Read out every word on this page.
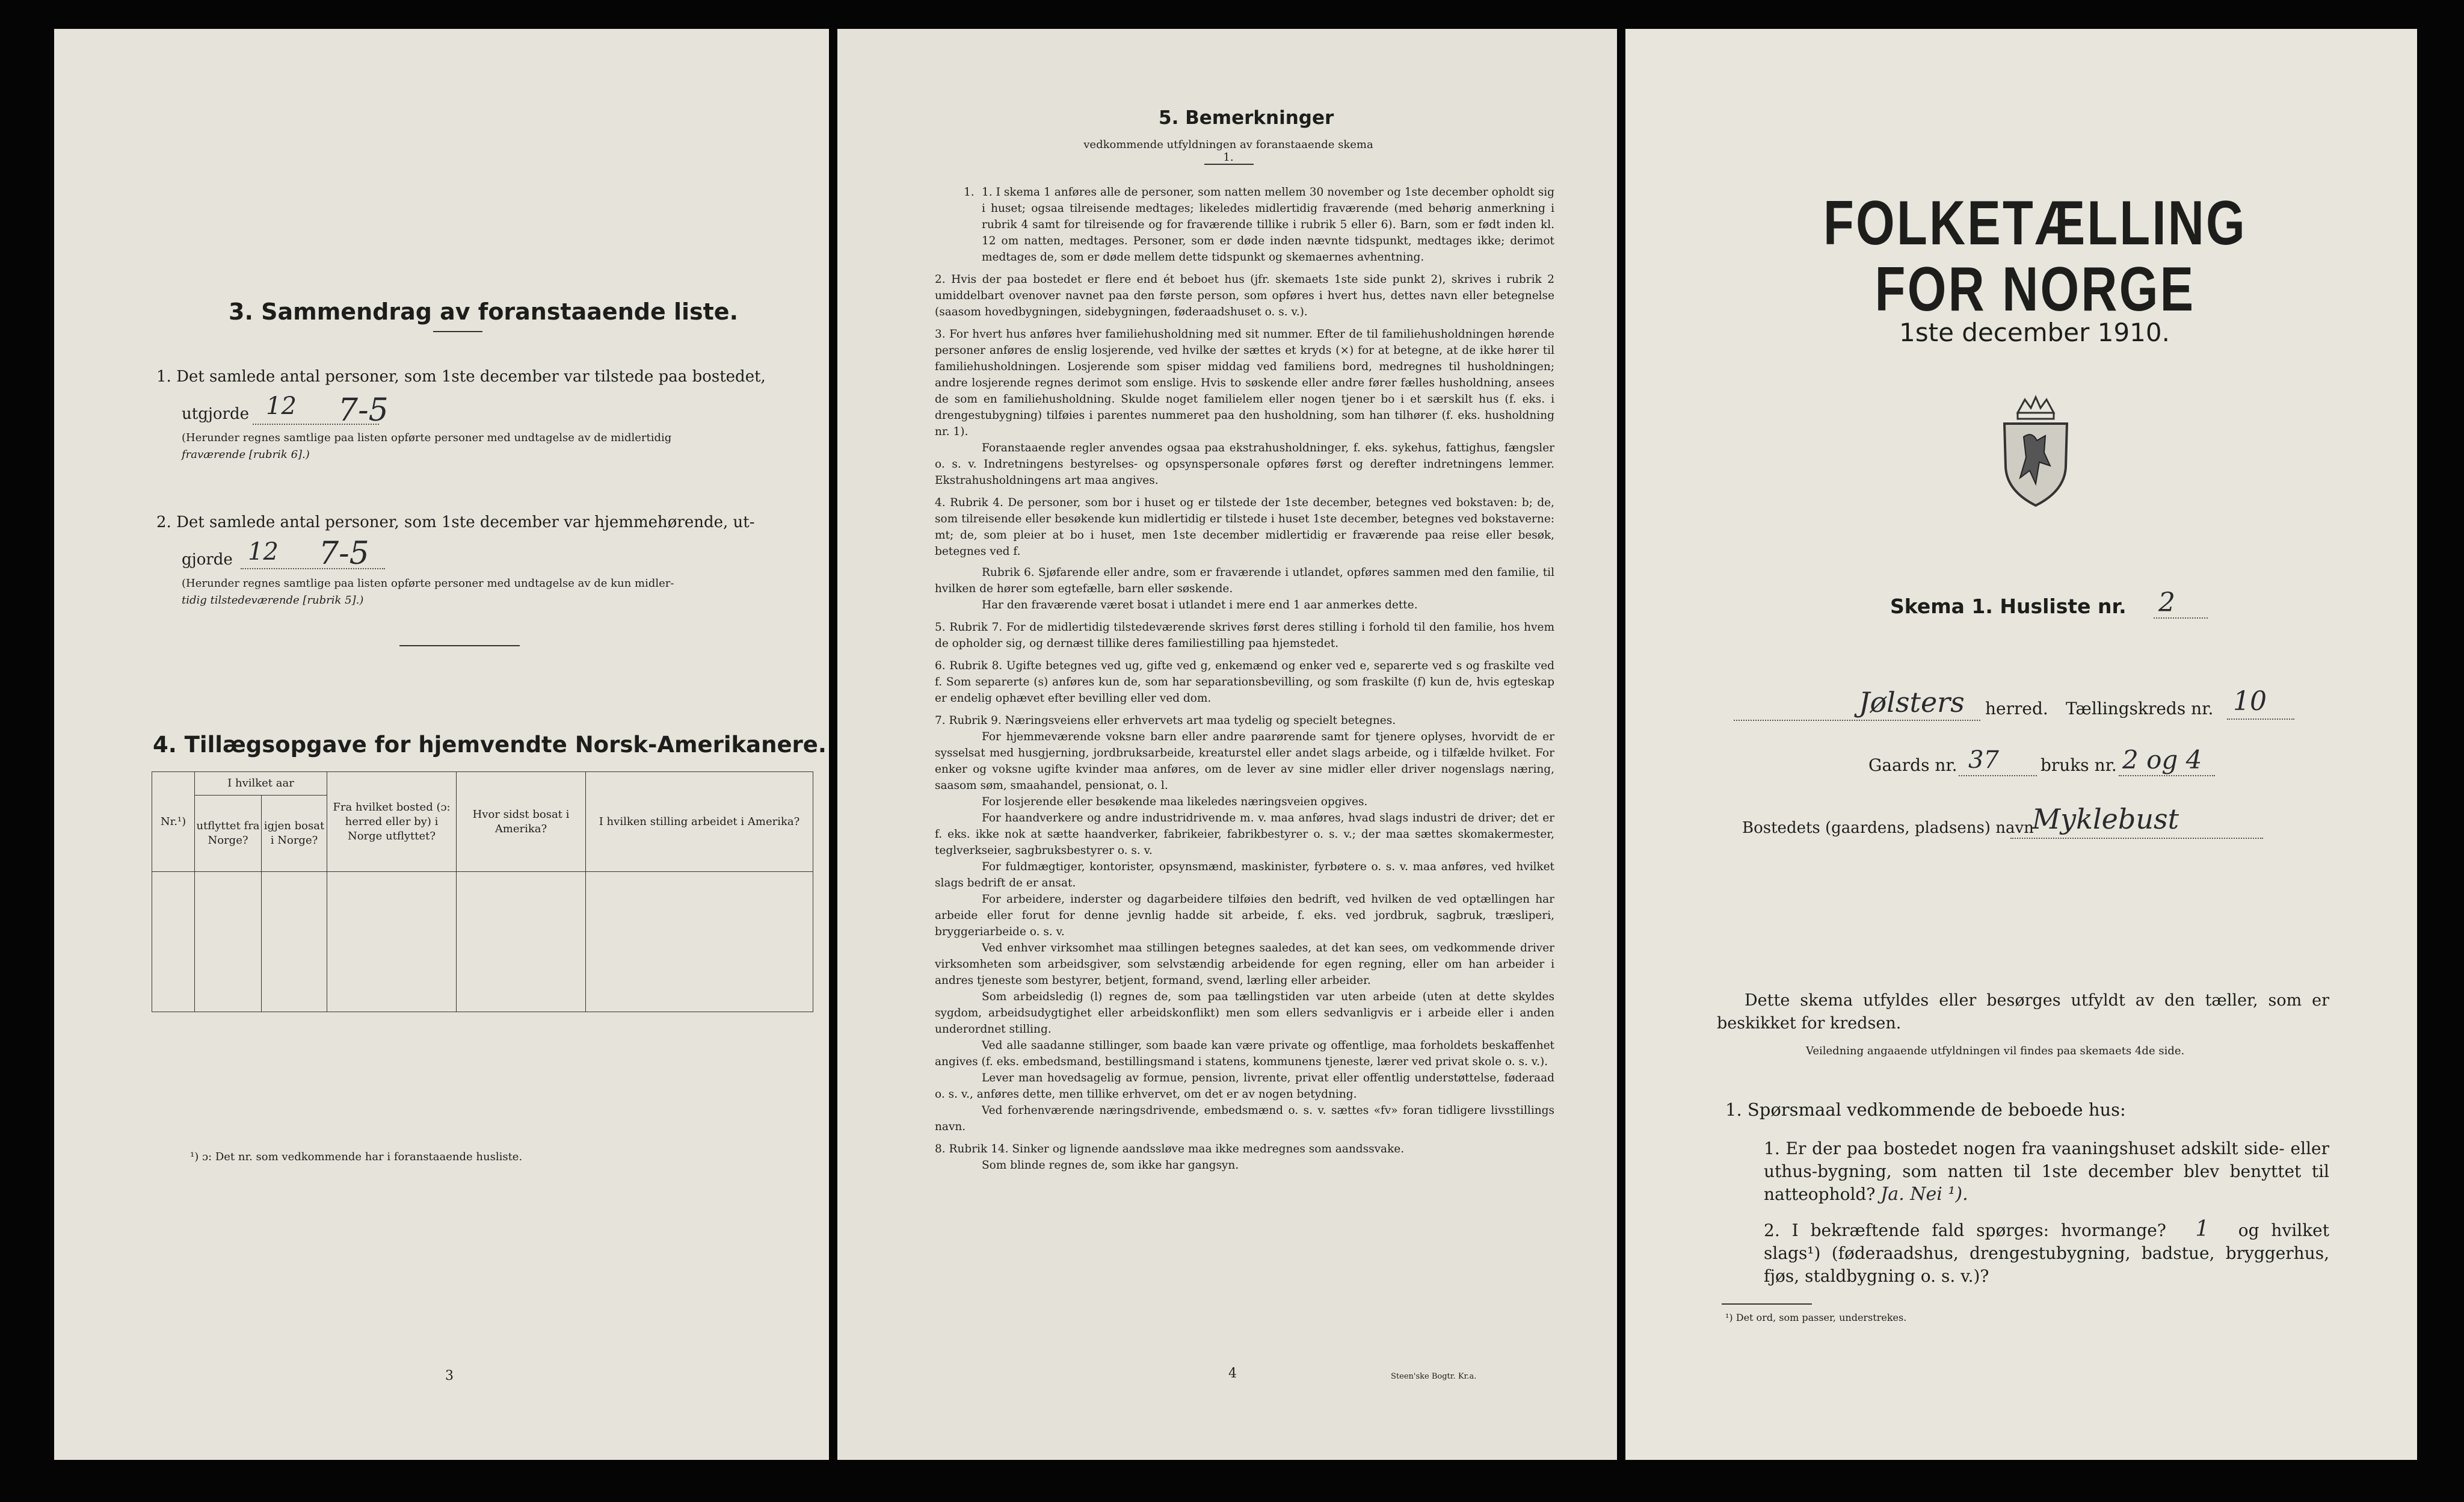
3. Sammendrag av foranstaaende liste.
1. Det samlede antal personer, som 1ste december var tilstede paa bostedet,
utgjorde 12 7-5
(Herunder regnes samtlige paa listen opførte personer med undtagelse av de midlertidig
fraværende [rubrik 6].)
2. Det samlede antal personer, som 1ste december var hjemmehørende, ut-
gjorde 12 7-5
(Herunder regnes samtlige paa listen opførte personer med undtagelse av de kun midler-
tidig tilstedeværende [rubrik 5].)
4. Tillægsopgave for hjemvendte Norsk-Amerikanere.
Nr.¹)	I hvilket aar		Fra hvilket bosted (ɔ: herred eller by) i Norge utflyttet?	Hvor sidst bosat i Amerika?	I hvilken stilling arbeidet i Amerika?
	utflyttet fra Norge?	igjen bosat i Norge?			

¹) ɔ: Det nr. som vedkommende har i foranstaaende husliste.
3
5. Bemerkninger
vedkommende utfyldningen av foranstaaende skema 1.

1. 1. I skema 1 anføres alle de personer, som natten mellem 30 november og 1ste december opholdt sig i huset; ogsaa tilreisende medtages; likeledes midlertidig fraværende (med behørig anmerkning i rubrik 4 samt for tilreisende og for fraværende tillike i rubrik 5 eller 6). Barn, som er født inden kl. 12 om natten, medtages. Personer, som er døde inden nævnte tidspunkt, medtages ikke; derimot medtages de, som er døde mellem dette tidspunkt og skemaernes avhentning.

2. Hvis der paa bostedet er flere end ét beboet hus (jfr. skemaets 1ste side punkt 2), skrives i rubrik 2 umiddelbart ovenover navnet paa den første person, som opføres i hvert hus, dettes navn eller betegnelse (saasom hovedbygningen, sidebygningen, føderaadshuset o. s. v.).

3. For hvert hus anføres hver familiehusholdning med sit nummer. Efter de til familiehusholdningen hørende personer anføres de enslig losjerende, ved hvilke der sættes et kryds (×) for at betegne, at de ikke hører til familiehusholdningen. Losjerende som spiser middag ved familiens bord, medregnes til husholdningen; andre losjerende regnes derimot som enslige. Hvis to søskende eller andre fører fælles husholdning, ansees de som en familiehusholdning. Skulde noget familielem eller nogen tjener bo i et særskilt hus (f. eks. i drengestubygning) tilføies i parentes nummeret paa den husholdning, som han tilhører (f. eks. husholdning nr. 1).

Foranstaaende regler anvendes ogsaa paa ekstrahusholdninger, f. eks. sykehus, fattighus, fængsler o. s. v. Indretningens bestyrelses- og opsynspersonale opføres først og derefter indretningens lemmer. Ekstrahusholdningens art maa angives.

4. Rubrik 4. De personer, som bor i huset og er tilstede der 1ste december, betegnes ved bokstaven: b; de, som tilreisende eller besøkende kun midlertidig er tilstede i huset 1ste december, betegnes ved bokstaverne: mt; de, som pleier at bo i huset, men 1ste december midlertidig er fraværende paa reise eller besøk, betegnes ved f.

Rubrik 6. Sjøfarende eller andre, som er fraværende i utlandet, opføres sammen med den familie, til hvilken de hører som egtefælle, barn eller søskende.

Har den fraværende været bosat i utlandet i mere end 1 aar anmerkes dette.

5. Rubrik 7. For de midlertidig tilstedeværende skrives først deres stilling i forhold til den familie, hos hvem de opholder sig, og dernæst tillike deres familiestilling paa hjemstedet.

6. Rubrik 8. Ugifte betegnes ved ug, gifte ved g, enkemænd og enker ved e, separerte ved s og fraskilte ved f. Som separerte (s) anføres kun de, som har separationsbevilling, og som fraskilte (f) kun de, hvis egteskap er endelig ophævet efter bevilling eller ved dom.

7. Rubrik 9. Næringsveiens eller erhvervets art maa tydelig og specielt betegnes.

For hjemmeværende voksne barn eller andre paarørende samt for tjenere oplyses, hvorvidt de er sysselsat med husgjerning, jordbruksarbeide, kreaturstel eller andet slags arbeide, og i tilfælde hvilket. For enker og voksne ugifte kvinder maa anføres, om de lever av sine midler eller driver nogenslags næring, saasom søm, smaahandel, pensionat, o. l.

For losjerende eller besøkende maa likeledes næringsveien opgives.

For haandverkere og andre industridrivende m. v. maa anføres, hvad slags industri de driver; det er f. eks. ikke nok at sætte haandverker, fabrikeier, fabrikbestyrer o. s. v.; der maa sættes skomakermester, teglverkseier, sagbruksbestyrer o. s. v.

For fuldmægtiger, kontorister, opsynsmænd, maskinister, fyrbøtere o. s. v. maa anføres, ved hvilket slags bedrift de er ansat.

For arbeidere, inderster og dagarbeidere tilføies den bedrift, ved hvilken de ved optællingen har arbeide eller forut for denne jevnlig hadde sit arbeide, f. eks. ved jordbruk, sagbruk, træsliperi, bryggeriarbeide o. s. v.

Ved enhver virksomhet maa stillingen betegnes saaledes, at det kan sees, om vedkommende driver virksomheten som arbeidsgiver, som selvstændig arbeidende for egen regning, eller om han arbeider i andres tjeneste som bestyrer, betjent, formand, svend, lærling eller arbeider.

Som arbeidsledig (l) regnes de, som paa tællingstiden var uten arbeide (uten at dette skyldes sygdom, arbeidsudygtighet eller arbeidskonflikt) men som ellers sedvanligvis er i arbeide eller i anden underordnet stilling.

Ved alle saadanne stillinger, som baade kan være private og offentlige, maa forholdets beskaffenhet angives (f. eks. embedsmand, bestillingsmand i statens, kommunens tjeneste, lærer ved privat skole o. s. v.).

Lever man hovedsagelig av formue, pension, livrente, privat eller offentlig understøttelse, føderaad o. s. v., anføres dette, men tillike erhvervet, om det er av nogen betydning.

Ved forhenværende næringsdrivende, embedsmænd o. s. v. sættes «fv» foran tidligere livsstillings navn.

8. Rubrik 14. Sinker og lignende aandssløve maa ikke medregnes som aandssvake.

Som blinde regnes de, som ikke har gangsyn.

4	Steen'ske Bogtr. Kr.a.
FOLKETÆLLING FOR NORGE
1ste december 1910.
Skema 1. Husliste nr. 2
Jølsters herred. Tællingskreds nr. 10
Gaards nr. 37 bruks nr. 2 og 4
Bostedets (gaardens, pladsens) navn
Myklebust
Dette skema utfyldes eller besørges utfyldt av den tæller, som er beskikket for kredsen.
Veiledning angaaende utfyldningen vil findes paa skemaets 4de side.
1. Spørsmaal vedkommende de beboede hus:
1. Er der paa bostedet nogen fra vaaningshuset adskilt side- eller uthus-bygning, som natten til 1ste december blev benyttet til natteophold? Ja. Nei ¹).
2. I bekræftende fald spørges: hvormange? 1 og hvilket slags¹) (føderaadshus, drengestubygning, badstue, bryggerhus, fjøs, staldbygning o. s. v.)?
¹) Det ord, som passer, understrekes.
